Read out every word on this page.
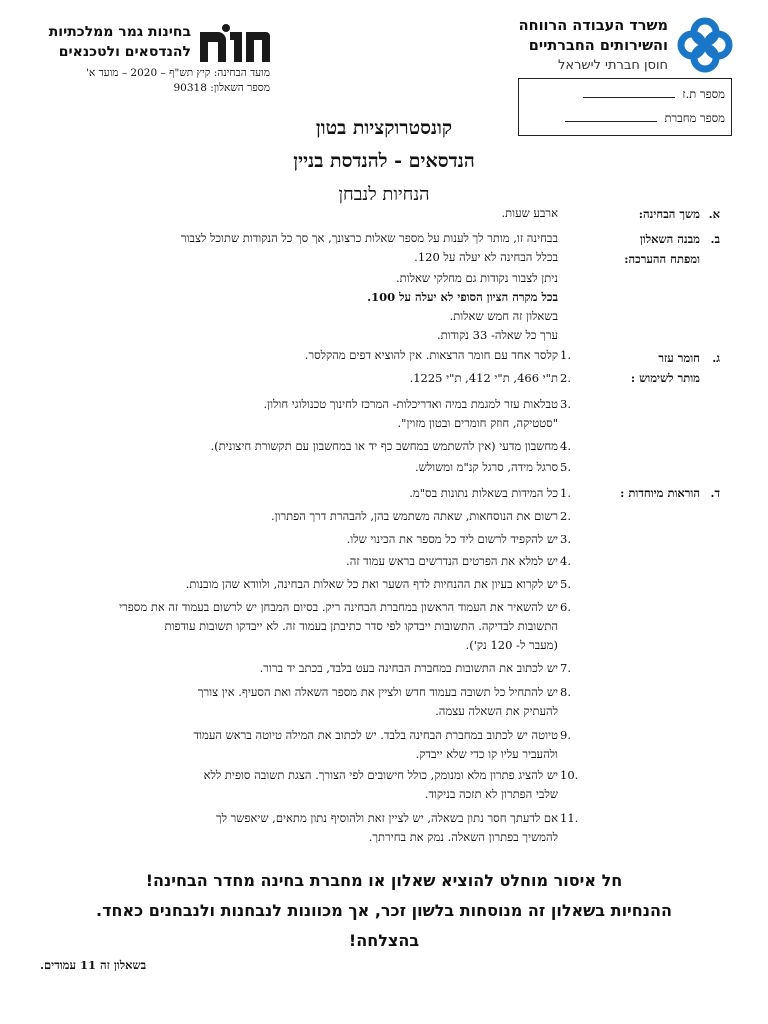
משרד העבודה הרווחה
והשירותים החברתיים
חוסן חברתי לישראל
מספר ת.ז
מספר מחברת
מהט
בחינות גמר ממלכתיות
להנדסאים ולטכנאים
מועד הבחינה: קיץ תש"ף – 2020 – מועד א'
מספר השאלון: 90318
קונסטרוקציות בטון
הנדסאים - להנדסת בניין
הנחיות לנבחן
א.משך הבחינה:
ארבע שעות.
ב.מבנה השאלון
ומפתח ההערכה:
בבחינה זו, מותר לך לענות על מספר שאלות כרצונך, אך סך כל הנקודות שתוכל לצבור
בכלל הבחינה לא יעלה על 120.
ניתן לצבור נקודות גם מחלקי שאלות.
בכל מקרה הציון הסופי לא יעלה על 100.
בשאלון זה חמש שאלות.
ערך כל שאלה- 33 נקודות.
ג.חומר עזר
מותר לשימוש :
1.
קלסר אחד עם חומר הרצאות. אין להוציא דפים מהקלסר.
2.
ת"י 466, ת"י 412, ת"י 1225.
3.
טבלאות עזר למגמת במיה ואדריכלות- המרכז לחינוך טכנולוגי חולון.
"סטטיקה, חוזק חומרים ובטון מזוין".
4.
מחשבון מדעי (אין להשתמש במחשב כף יד או במחשבון עם תקשורת חיצונית).
5.
סרגל מידה, סרגל קנ"מ ומשולש.
ד.הוראות מיוחדות :
1.
כל המידות בשאלות נתונות בס"מ.
2.
רשום את הנוסחאות, שאתה משתמש בהן, להבהרת דרך הפתרון.
3.
יש להקפיד לרשום ליד כל מספר את הכינוי שלו.
4.
יש למלא את הפרטים הנדרשים בראש עמוד זה.
5.
יש לקרוא בעיון את ההנחיות לדף השער ואת כל שאלות הבחינה, ולוודא שהן מובנות.
6.
יש להשאיר את העמוד הראשון במחברת הבחינה ריק. בסיום המבחן יש לרשום בעמוד זה את מספרי
התשובות לבדיקה. התשובות ייבדקו לפי סדר כתיבתן בעמוד זה. לא ייבדקו תשובות עודפות
(מעבר ל- 120 נק').
7.
יש לכתוב את התשובות במחברת הבחינה בעט בלבד, בכתב יד ברור.
8.
יש להתחיל כל תשובה בעמוד חדש ולציין את מספר השאלה ואת הסעיף. אין צורך
להעתיק את השאלה עצמה.
9.
טיוטה יש לכתוב במחברת הבחינה בלבד. יש לכתוב את המילה טיוטה בראש העמוד
ולהעביר עליו קו כדי שלא ייבדק.
10.
יש להציג פתרון מלא ומנומק, כולל חישובים לפי הצורך. הצגת תשובה סופית ללא
שלבי הפתרון לא תזכה בניקוד.
11.
אם לדעתך חסר נתון בשאלה, יש לציין זאת ולהוסיף נתון מתאים, שיאפשר לך
להמשיך בפתרון השאלה. נמק את בחירתך.
חל איסור מוחלט להוציא שאלון או מחברת בחינה מחדר הבחינה!
ההנחיות בשאלון זה מנוסחות בלשון זכר, אך מכוונות לנבחנות ולנבחנים כאחד.
בהצלחה!
בשאלון זה 11 עמודים.
